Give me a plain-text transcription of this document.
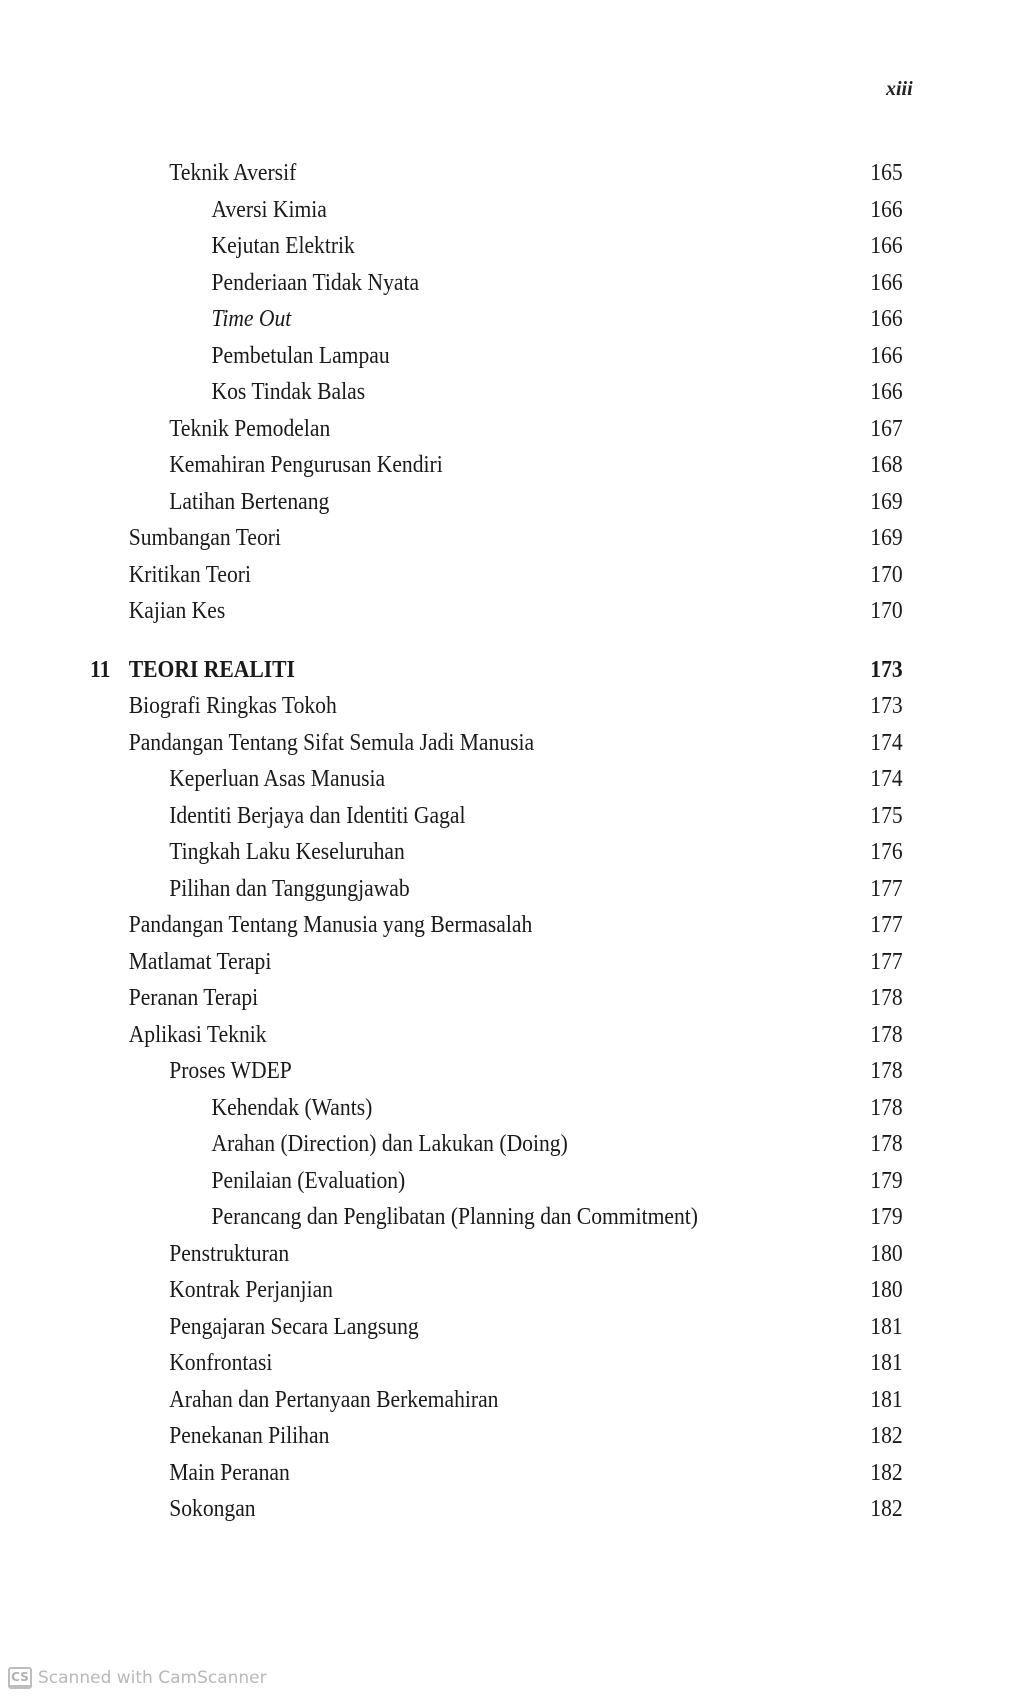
xiii
Teknik Aversif	165
Aversi Kimia	166
Kejutan Elektrik	166
Penderiaan Tidak Nyata	166
Time Out	166
Pembetulan Lampau	166
Kos Tindak Balas	166
Teknik Pemodelan	167
Kemahiran Pengurusan Kendiri	168
Latihan Bertenang	169
Sumbangan Teori	169
Kritikan Teori	170
Kajian Kes	170
11 TEORI REALITI	173
Biografi Ringkas Tokoh	173
Pandangan Tentang Sifat Semula Jadi Manusia	174
Keperluan Asas Manusia	174
Identiti Berjaya dan Identiti Gagal	175
Tingkah Laku Keseluruhan	176
Pilihan dan Tanggungjawab	177
Pandangan Tentang Manusia yang Bermasalah	177
Matlamat Terapi	177
Peranan Terapi	178
Aplikasi Teknik	178
Proses WDEP	178
Kehendak (Wants)	178
Arahan (Direction) dan Lakukan (Doing)	178
Penilaian (Evaluation)	179
Perancang dan Penglibatan (Planning dan Commitment)	179
Penstrukturan	180
Kontrak Perjanjian	180
Pengajaran Secara Langsung	181
Konfrontasi	181
Arahan dan Pertanyaan Berkemahiran	181
Penekanan Pilihan	182
Main Peranan	182
Sokongan	182
CS Scanned with CamScanner
